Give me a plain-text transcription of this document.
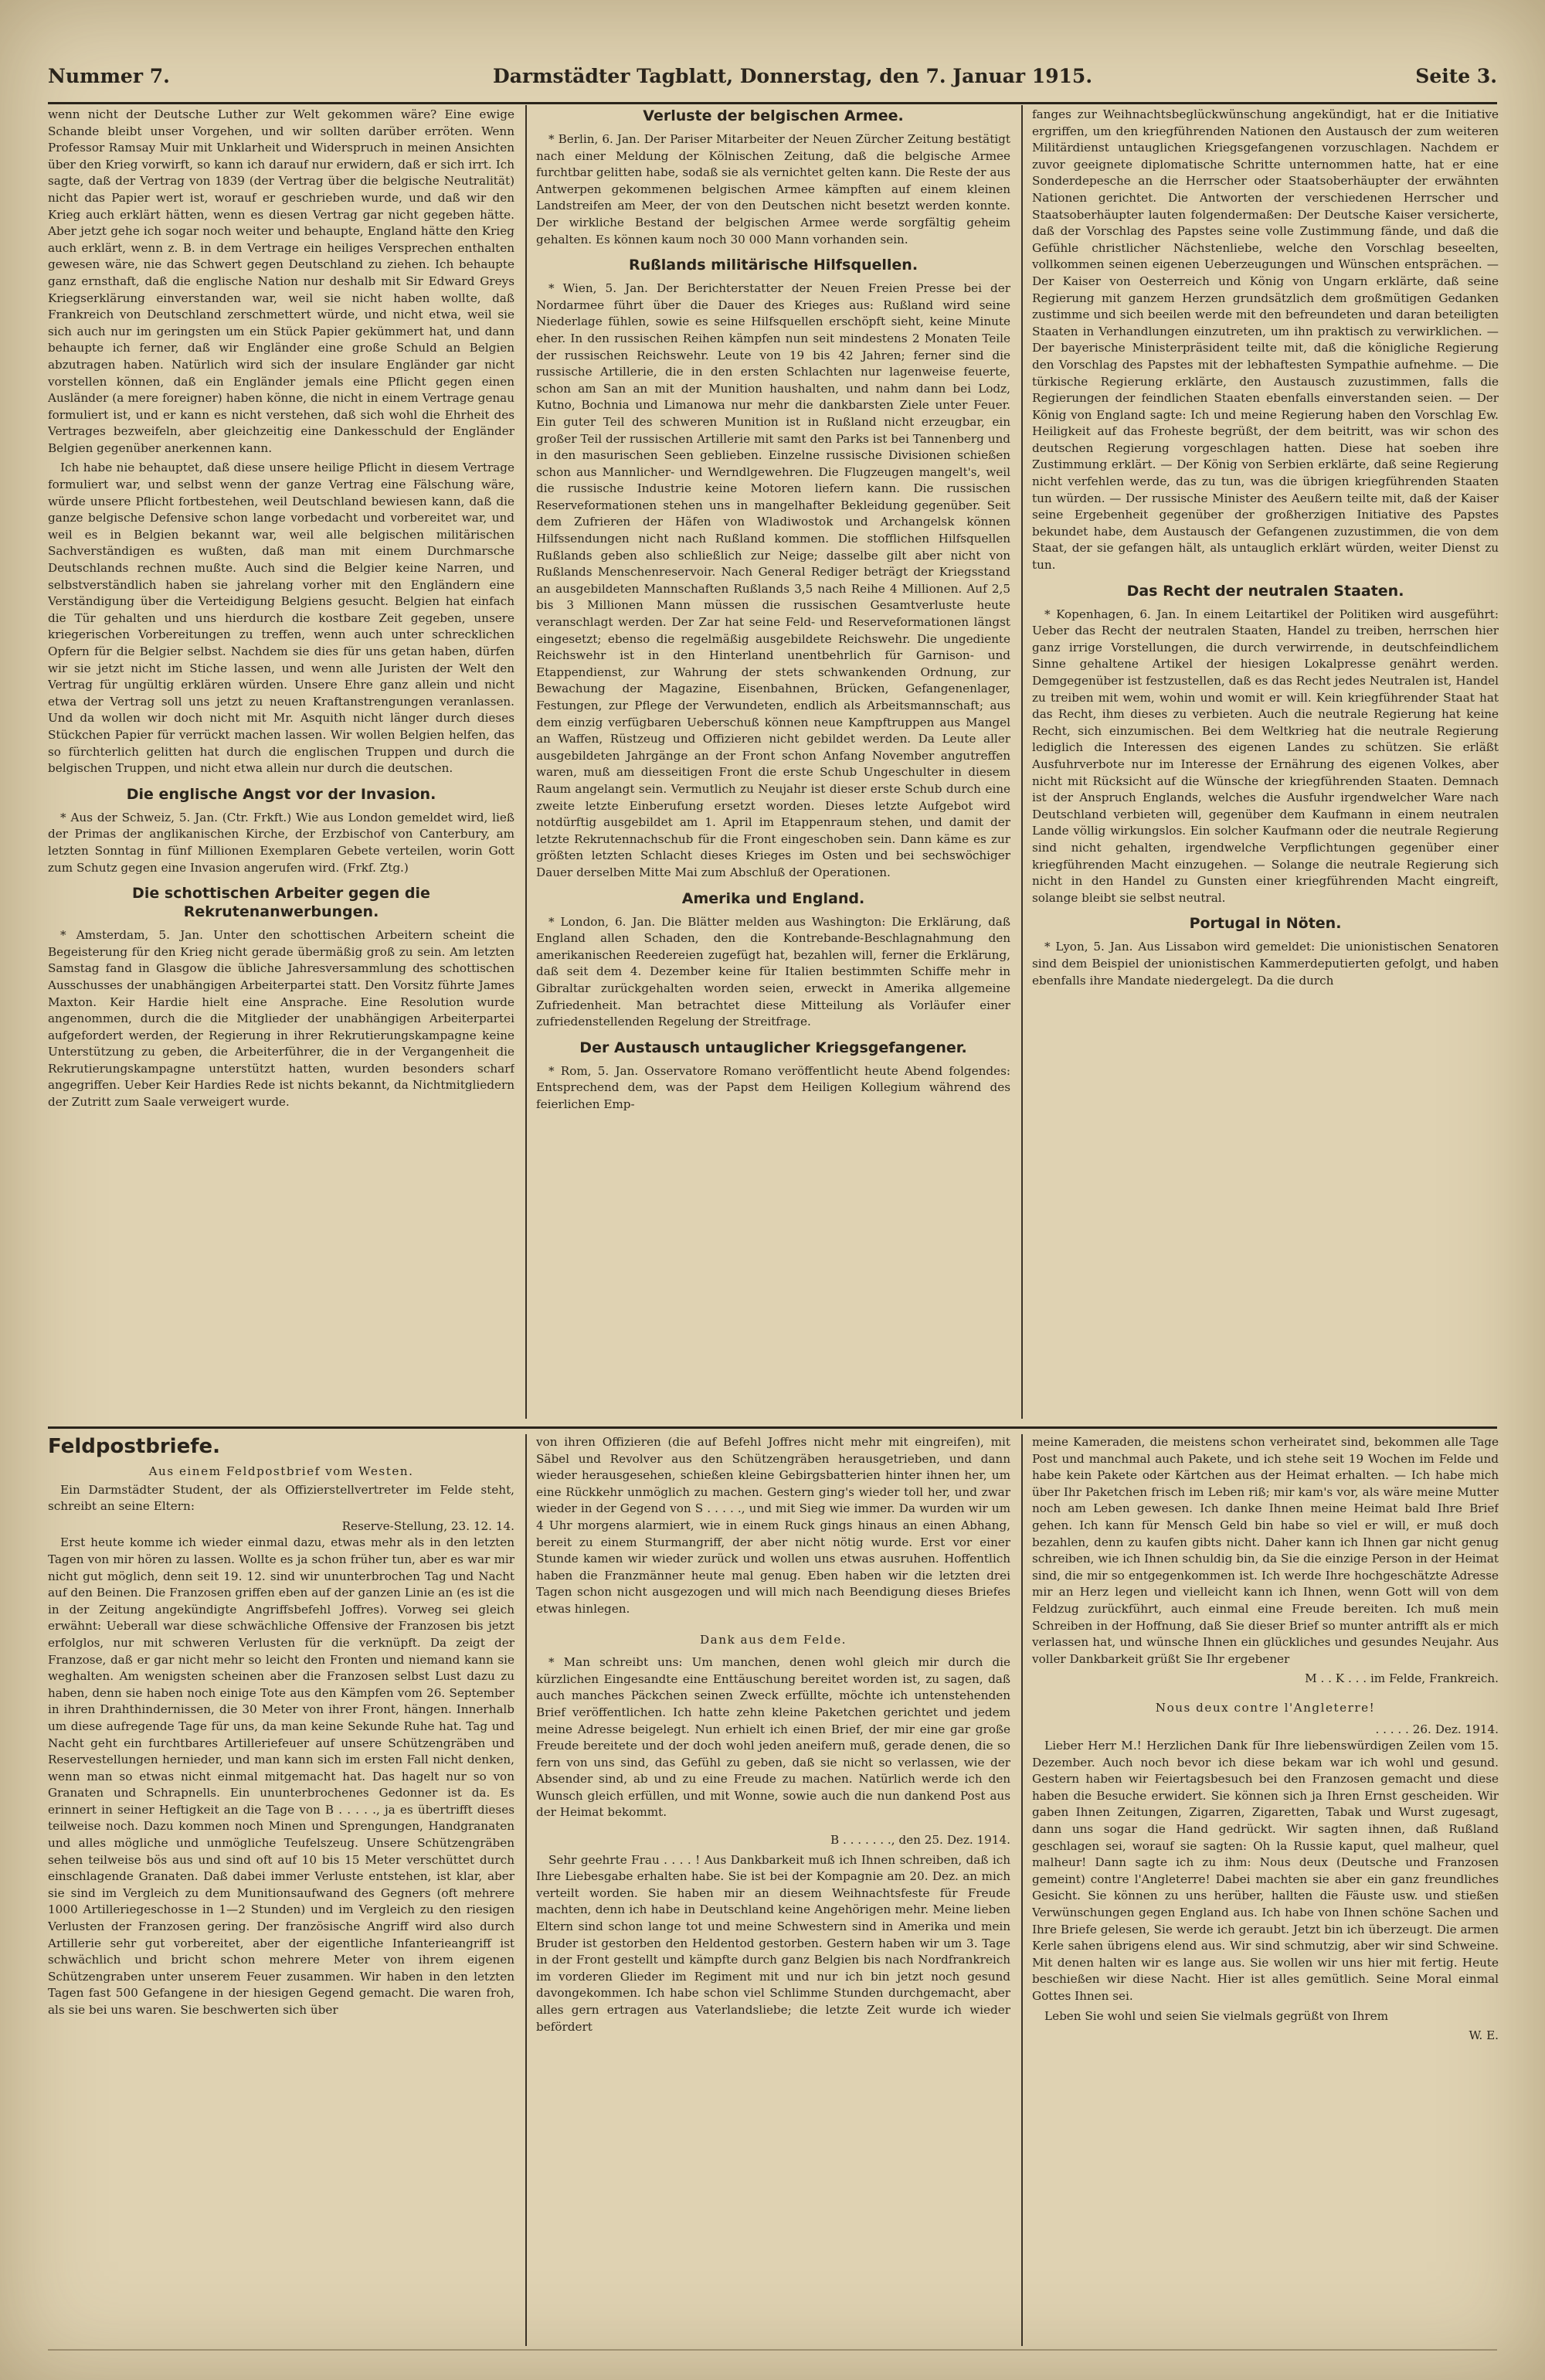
Nummer 7.	Darmstädter Tagblatt, Donnerstag, den 7. Januar 1915.	Seite 3.

wenn nicht der Deutsche Luther zur Welt gekommen wäre? Eine ewige Schande bleibt unser Vorgehen, und wir sollten darüber erröten. Wenn Professor Ramsay Muir mit Unklarheit und Widerspruch in meinen Ansichten über den Krieg vorwirft, so kann ich darauf nur erwidern, daß er sich irrt. Ich sagte, daß der Vertrag von 1839 (der Vertrag über die belgische Neutralität) nicht das Papier wert ist, worauf er geschrieben wurde, und daß wir den Krieg auch erklärt hätten, wenn es diesen Vertrag gar nicht gegeben hätte. Aber jetzt gehe ich sogar noch weiter und behaupte, England hätte den Krieg auch erklärt, wenn z. B. in dem Vertrage ein heiliges Versprechen enthalten gewesen wäre, nie das Schwert gegen Deutschland zu ziehen. Ich behaupte ganz ernsthaft, daß die englische Nation nur deshalb mit Sir Edward Greys Kriegserklärung einverstanden war, weil sie nicht haben wollte, daß Frankreich von Deutschland zerschmettert würde, und nicht etwa, weil sie sich auch nur im geringsten um ein Stück Papier gekümmert hat, und dann behaupte ich ferner, daß wir Engländer eine große Schuld an Belgien abzutragen haben. Natürlich wird sich der insulare Engländer gar nicht vorstellen können, daß ein Engländer jemals eine Pflicht gegen einen Ausländer (a mere foreigner) haben könne, die nicht in einem Vertrage genau formuliert ist, und er kann es nicht verstehen, daß sich wohl die Ehrheit des Vertrages bezweifeln, aber gleichzeitig eine Dankesschuld der Engländer Belgien gegenüber anerkennen kann.

Ich habe nie behauptet, daß diese unsere heilige Pflicht in diesem Vertrage formuliert war, und selbst wenn der ganze Vertrag eine Fälschung wäre, würde unsere Pflicht fortbestehen, weil Deutschland bewiesen kann, daß die ganze belgische Defensive schon lange vorbedacht und vorbereitet war, und weil es in Belgien bekannt war, weil alle belgischen militärischen Sachverständigen es wußten, daß man mit einem Durchmarsche Deutschlands rechnen mußte. Auch sind die Belgier keine Narren, und selbstverständlich haben sie jahrelang vorher mit den Engländern eine Verständigung über die Verteidigung Belgiens gesucht. Belgien hat einfach die Tür gehalten und uns hierdurch die kostbare Zeit gegeben, unsere kriegerischen Vorbereitungen zu treffen, wenn auch unter schrecklichen Opfern für die Belgier selbst. Nachdem sie dies für uns getan haben, dürfen wir sie jetzt nicht im Stiche lassen, und wenn alle Juristen der Welt den Vertrag für ungültig erklären würden. Unsere Ehre ganz allein und nicht etwa der Vertrag soll uns jetzt zu neuen Kraftanstrengungen veranlassen. Und da wollen wir doch nicht mit Mr. Asquith nicht länger durch dieses Stückchen Papier für verrückt machen lassen. Wir wollen Belgien helfen, das so fürchterlich gelitten hat durch die englischen Truppen und durch die belgischen Truppen, und nicht etwa allein nur durch die deutschen.

Die englische Angst vor der Invasion.

* Aus der Schweiz, 5. Jan. (Ctr. Frkft.) Wie aus London gemeldet wird, ließ der Primas der anglikanischen Kirche, der Erzbischof von Canterbury, am letzten Sonntag in fünf Millionen Exemplaren Gebete verteilen, worin Gott zum Schutz gegen eine Invasion angerufen wird. (Frkf. Ztg.)

Die schottischen Arbeiter gegen die Rekrutenanwerbungen.

* Amsterdam, 5. Jan. Unter den schottischen Arbeitern scheint die Begeisterung für den Krieg nicht gerade übermäßig groß zu sein. Am letzten Samstag fand in Glasgow die übliche Jahresversammlung des schottischen Ausschusses der unabhängigen Arbeiterpartei statt. Den Vorsitz führte James Maxton. Keir Hardie hielt eine Ansprache. Eine Resolution wurde angenommen, durch die die Mitglieder der unabhängigen Arbeiterpartei aufgefordert werden, der Regierung in ihrer Rekrutierungskampagne keine Unterstützung zu geben, die Arbeiterführer, die in der Vergangenheit die Rekrutierungskampagne unterstützt hatten, wurden besonders scharf angegriffen. Ueber Keir Hardies Rede ist nichts bekannt, da Nichtmitgliedern der Zutritt zum Saale verweigert wurde.

Verluste der belgischen Armee.

* Berlin, 6. Jan. Der Pariser Mitarbeiter der Neuen Zürcher Zeitung bestätigt nach einer Meldung der Kölnischen Zeitung, daß die belgische Armee furchtbar gelitten habe, sodaß sie als vernichtet gelten kann. Die Reste der aus Antwerpen gekommenen belgischen Armee kämpften auf einem kleinen Landstreifen am Meer, der von den Deutschen nicht besetzt werden konnte. Der wirkliche Bestand der belgischen Armee werde sorgfältig geheim gehalten. Es können kaum noch 30 000 Mann vorhanden sein.

Rußlands militärische Hilfsquellen.

* Wien, 5. Jan. Der Berichterstatter der Neuen Freien Presse bei der Nordarmee führt über die Dauer des Krieges aus: Rußland wird seine Niederlage fühlen, sowie es seine Hilfsquellen erschöpft sieht, keine Minute eher. In den russischen Reihen kämpfen nun seit mindestens 2 Monaten Teile der russischen Reichswehr. Leute von 19 bis 42 Jahren; ferner sind die russische Artillerie, die in den ersten Schlachten nur lagenweise feuerte, schon am San an mit der Munition haushalten, und nahm dann bei Lodz, Kutno, Bochnia und Limanowa nur mehr die dankbarsten Ziele unter Feuer. Ein guter Teil des schweren Munition ist in Rußland nicht erzeugbar, ein großer Teil der russischen Artillerie mit samt den Parks ist bei Tannenberg und in den masurischen Seen geblieben. Einzelne russische Divisionen schießen schon aus Mannlicher- und Werndlgewehren. Die Flugzeugen mangelt's, weil die russische Industrie keine Motoren liefern kann. Die russischen Reserveformationen stehen uns in mangelhafter Bekleidung gegenüber. Seit dem Zufrieren der Häfen von Wladiwostok und Archangelsk können Hilfssendungen nicht nach Rußland kommen. Die stofflichen Hilfsquellen Rußlands geben also schließlich zur Neige; dasselbe gilt aber nicht von Rußlands Menschenreservoir. Nach General Rediger beträgt der Kriegsstand an ausgebildeten Mannschaften Rußlands 3,5 nach Reihe 4 Millionen. Auf 2,5 bis 3 Millionen Mann müssen die russischen Gesamtverluste heute veranschlagt werden. Der Zar hat seine Feld- und Reserveformationen längst eingesetzt; ebenso die regelmäßig ausgebildete Reichswehr. Die ungediente Reichswehr ist in den Hinterland unentbehrlich für Garnison- und Etappendienst, zur Wahrung der stets schwankenden Ordnung, zur Bewachung der Magazine, Eisenbahnen, Brücken, Gefangenenlager, Festungen, zur Pflege der Verwundeten, endlich als Arbeitsmannschaft; aus dem einzig verfügbaren Ueberschuß können neue Kampftruppen aus Mangel an Waffen, Rüstzeug und Offizieren nicht gebildet werden. Da Leute aller ausgebildeten Jahrgänge an der Front schon Anfang November angutreffen waren, muß am diesseitigen Front die erste Schub Ungeschulter in diesem Raum angelangt sein. Vermutlich zu Neujahr ist dieser erste Schub durch eine zweite letzte Einberufung ersetzt worden. Dieses letzte Aufgebot wird notdürftig ausgebildet am 1. April im Etappenraum stehen, und damit der letzte Rekrutennachschub für die Front eingeschoben sein. Dann käme es zur größten letzten Schlacht dieses Krieges im Osten und bei sechswöchiger Dauer derselben Mitte Mai zum Abschluß der Operationen.

Amerika und England.

* London, 6. Jan. Die Blätter melden aus Washington: Die Erklärung, daß England allen Schaden, den die Kontrebande-Beschlagnahmung den amerikanischen Reedereien zugefügt hat, bezahlen will, ferner die Erklärung, daß seit dem 4. Dezember keine für Italien bestimmten Schiffe mehr in Gibraltar zurückgehalten worden seien, erweckt in Amerika allgemeine Zufriedenheit. Man betrachtet diese Mitteilung als Vorläufer einer zufriedenstellenden Regelung der Streitfrage.

Der Austausch untauglicher Kriegsgefangener.

* Rom, 5. Jan. Osservatore Romano veröffentlicht heute Abend folgendes: Entsprechend dem, was der Papst dem Heiligen Kollegium während des feierlichen Emp-

fanges zur Weihnachtsbeglückwünschung angekündigt, hat er die Initiative ergriffen, um den kriegführenden Nationen den Austausch der zum weiteren Militärdienst untauglichen Kriegsgefangenen vorzuschlagen. Nachdem er zuvor geeignete diplomatische Schritte unternommen hatte, hat er eine Sonderdepesche an die Herrscher oder Staatsoberhäupter der erwähnten Nationen gerichtet. Die Antworten der verschiedenen Herrscher und Staatsoberhäupter lauten folgendermaßen: Der Deutsche Kaiser versicherte, daß der Vorschlag des Papstes seine volle Zustimmung fände, und daß die Gefühle christlicher Nächstenliebe, welche den Vorschlag beseelten, vollkommen seinen eigenen Ueberzeugungen und Wünschen entsprächen. — Der Kaiser von Oesterreich und König von Ungarn erklärte, daß seine Regierung mit ganzem Herzen grundsätzlich dem großmütigen Gedanken zustimme und sich beeilen werde mit den befreundeten und daran beteiligten Staaten in Verhandlungen einzutreten, um ihn praktisch zu verwirklichen. — Der bayerische Ministerpräsident teilte mit, daß die königliche Regierung den Vorschlag des Papstes mit der lebhaftesten Sympathie aufnehme. — Die türkische Regierung erklärte, den Austausch zuzustimmen, falls die Regierungen der feindlichen Staaten ebenfalls einverstanden seien. — Der König von England sagte: Ich und meine Regierung haben den Vorschlag Ew. Heiligkeit auf das Froheste begrüßt, der dem beitritt, was wir schon des deutschen Regierung vorgeschlagen hatten. Diese hat soeben ihre Zustimmung erklärt. — Der König von Serbien erklärte, daß seine Regierung nicht verfehlen werde, das zu tun, was die übrigen kriegführenden Staaten tun würden. — Der russische Minister des Aeußern teilte mit, daß der Kaiser seine Ergebenheit gegenüber der großherzigen Initiative des Papstes bekundet habe, dem Austausch der Gefangenen zuzustimmen, die von dem Staat, der sie gefangen hält, als untauglich erklärt würden, weiter Dienst zu tun.

Das Recht der neutralen Staaten.

* Kopenhagen, 6. Jan. In einem Leitartikel der Politiken wird ausgeführt: Ueber das Recht der neutralen Staaten, Handel zu treiben, herrschen hier ganz irrige Vorstellungen, die durch verwirrende, in deutschfeindlichem Sinne gehaltene Artikel der hiesigen Lokalpresse genährt werden. Demgegenüber ist festzustellen, daß es das Recht jedes Neutralen ist, Handel zu treiben mit wem, wohin und womit er will. Kein kriegführender Staat hat das Recht, ihm dieses zu verbieten. Auch die neutrale Regierung hat keine Recht, sich einzumischen. Bei dem Weltkrieg hat die neutrale Regierung lediglich die Interessen des eigenen Landes zu schützen. Sie erläßt Ausfuhrverbote nur im Interesse der Ernährung des eigenen Volkes, aber nicht mit Rücksicht auf die Wünsche der kriegführenden Staaten. Demnach ist der Anspruch Englands, welches die Ausfuhr irgendwelcher Ware nach Deutschland verbieten will, gegenüber dem Kaufmann in einem neutralen Lande völlig wirkungslos. Ein solcher Kaufmann oder die neutrale Regierung sind nicht gehalten, irgendwelche Verpflichtungen gegenüber einer kriegführenden Macht einzugehen. — Solange die neutrale Regierung sich nicht in den Handel zu Gunsten einer kriegführenden Macht eingreift, solange bleibt sie selbst neutral.

Portugal in Nöten.

* Lyon, 5. Jan. Aus Lissabon wird gemeldet: Die unionistischen Senatoren sind dem Beispiel der unionistischen Kammerdeputierten gefolgt, und haben ebenfalls ihre Mandate niedergelegt. Da die durch

Feldpostbriefe.
Aus einem Feldpostbrief vom Westen.

Ein Darmstädter Student, der als Offizierstellvertreter im Felde steht, schreibt an seine Eltern:

Reserve-Stellung, 23. 12. 14.

Erst heute komme ich wieder einmal dazu, etwas mehr als in den letzten Tagen von mir hören zu lassen. Wollte es ja schon früher tun, aber es war mir nicht gut möglich, denn seit 19. 12. sind wir ununterbrochen Tag und Nacht auf den Beinen. Die Franzosen griffen eben auf der ganzen Linie an (es ist die in der Zeitung angekündigte Angriffsbefehl Joffres). Vorweg sei gleich erwähnt: Ueberall war diese schwächliche Offensive der Franzosen bis jetzt erfolglos, nur mit schweren Verlusten für die verknüpft. Da zeigt der Franzose, daß er gar nicht mehr so leicht den Fronten und niemand kann sie weghalten. Am wenigsten scheinen aber die Franzosen selbst Lust dazu zu haben, denn sie haben noch einige Tote aus den Kämpfen vom 26. September in ihren Drahthindernissen, die 30 Meter von ihrer Front, hängen. Innerhalb um diese aufregende Tage für uns, da man keine Sekunde Ruhe hat. Tag und Nacht geht ein furchtbares Artilleriefeuer auf unsere Schützengräben und Reservestellungen hernieder, und man kann sich im ersten Fall nicht denken, wenn man so etwas nicht einmal mitgemacht hat. Das hagelt nur so von Granaten und Schrapnells. Ein ununterbrochenes Gedonner ist da. Es erinnert in seiner Heftigkeit an die Tage von B . . . . ., ja es übertrifft dieses teilweise noch. Dazu kommen noch Minen und Sprengungen, Handgranaten und alles mögliche und unmögliche Teufelszeug. Unsere Schützengräben sehen teilweise bös aus und sind oft auf 10 bis 15 Meter verschüttet durch einschlagende Granaten. Daß dabei immer Verluste entstehen, ist klar, aber sie sind im Vergleich zu dem Munitionsaufwand des Gegners (oft mehrere 1000 Artilleriegeschosse in 1—2 Stunden) und im Vergleich zu den riesigen Verlusten der Franzosen gering. Der französische Angriff wird also durch Artillerie sehr gut vorbereitet, aber der eigentliche Infanterieangriff ist schwächlich und bricht schon mehrere Meter von ihrem eigenen Schützengraben unter unserem Feuer zusammen. Wir haben in den letzten Tagen fast 500 Gefangene in der hiesigen Gegend gemacht. Die waren froh, als sie bei uns waren. Sie beschwerten sich über

von ihren Offizieren (die auf Befehl Joffres nicht mehr mit eingreifen), mit Säbel und Revolver aus den Schützengräben herausgetrieben, und dann wieder herausgesehen, schießen kleine Gebirgsbatterien hinter ihnen her, um eine Rückkehr unmöglich zu machen. Gestern ging's wieder toll her, und zwar wieder in der Gegend von S . . . . ., und mit Sieg wie immer. Da wurden wir um 4 Uhr morgens alarmiert, wie in einem Ruck gings hinaus an einen Abhang, bereit zu einem Sturmangriff, der aber nicht nötig wurde. Erst vor einer Stunde kamen wir wieder zurück und wollen uns etwas ausruhen. Hoffentlich haben die Franzmänner heute mal genug. Eben haben wir die letzten drei Tagen schon nicht ausgezogen und will mich nach Beendigung dieses Briefes etwas hinlegen.

Dank aus dem Felde.

* Man schreibt uns: Um manchen, denen wohl gleich mir durch die kürzlichen Eingesandte eine Enttäuschung bereitet worden ist, zu sagen, daß auch manches Päckchen seinen Zweck erfüllte, möchte ich untenstehenden Brief veröffentlichen. Ich hatte zehn kleine Paketchen gerichtet und jedem meine Adresse beigelegt. Nun erhielt ich einen Brief, der mir eine gar große Freude bereitete und der doch wohl jeden aneifern muß, gerade denen, die so fern von uns sind, das Gefühl zu geben, daß sie nicht so verlassen, wie der Absender sind, ab und zu eine Freude zu machen. Natürlich werde ich den Wunsch gleich erfüllen, und mit Wonne, sowie auch die nun dankend Post aus der Heimat bekommt.

B . . . . . . ., den 25. Dez. 1914.

Sehr geehrte Frau . . . . ! Aus Dankbarkeit muß ich Ihnen schreiben, daß ich Ihre Liebesgabe erhalten habe. Sie ist bei der Kompagnie am 20. Dez. an mich verteilt worden. Sie haben mir an diesem Weihnachtsfeste für Freude machten, denn ich habe in Deutschland keine Angehörigen mehr. Meine lieben Eltern sind schon lange tot und meine Schwestern sind in Amerika und mein Bruder ist gestorben den Heldentod gestorben. Gestern haben wir um 3. Tage in der Front gestellt und kämpfte durch ganz Belgien bis nach Nordfrankreich im vorderen Glieder im Regiment mit und nur ich bin jetzt noch gesund davongekommen. Ich habe schon viel Schlimme Stunden durchgemacht, aber alles gern ertragen aus Vaterlandsliebe; die letzte Zeit wurde ich wieder befördert

meine Kameraden, die meistens schon verheiratet sind, bekommen alle Tage Post und manchmal auch Pakete, und ich stehe seit 19 Wochen im Felde und habe kein Pakete oder Kärtchen aus der Heimat erhalten. — Ich habe mich über Ihr Paketchen frisch im Leben riß; mir kam's vor, als wäre meine Mutter noch am Leben gewesen. Ich danke Ihnen meine Heimat bald Ihre Brief gehen. Ich kann für Mensch Geld bin habe so viel er will, er muß doch bezahlen, denn zu kaufen gibts nicht. Daher kann ich Ihnen gar nicht genug schreiben, wie ich Ihnen schuldig bin, da Sie die einzige Person in der Heimat sind, die mir so entgegenkommen ist. Ich werde Ihre hochgeschätzte Adresse mir an Herz legen und vielleicht kann ich Ihnen, wenn Gott will von dem Feldzug zurückführt, auch einmal eine Freude bereiten. Ich muß mein Schreiben in der Hoffnung, daß Sie dieser Brief so munter antrifft als er mich verlassen hat, und wünsche Ihnen ein glückliches und gesundes Neujahr. Aus voller Dankbarkeit grüßt Sie Ihr ergebener

M . . K . . . im Felde, Frankreich.
Nous deux contre l'Angleterre!
. . . . . 26. Dez. 1914.

Lieber Herr M.! Herzlichen Dank für Ihre liebenswürdigen Zeilen vom 15. Dezember. Auch noch bevor ich diese bekam war ich wohl und gesund. Gestern haben wir Feiertagsbesuch bei den Franzosen gemacht und diese haben die Besuche erwidert. Sie können sich ja Ihren Ernst gescheiden. Wir gaben Ihnen Zeitungen, Zigarren, Zigaretten, Tabak und Wurst zugesagt, dann uns sogar die Hand gedrückt. Wir sagten ihnen, daß Rußland geschlagen sei, worauf sie sagten: Oh la Russie kaput, quel malheur, quel malheur! Dann sagte ich zu ihm: Nous deux (Deutsche und Franzosen gemeint) contre l'Angleterre! Dabei machten sie aber ein ganz freundliches Gesicht. Sie können zu uns herüber, hallten die Fäuste usw. und stießen Verwünschungen gegen England aus. Ich habe von Ihnen schöne Sachen und Ihre Briefe gelesen, Sie werde ich geraubt. Jetzt bin ich überzeugt. Die armen Kerle sahen übrigens elend aus. Wir sind schmutzig, aber wir sind Schweine. Mit denen halten wir es lange aus. Sie wollen wir uns hier mit fertig. Heute beschießen wir diese Nacht. Hier ist alles gemütlich. Seine Moral einmal Gottes Ihnen sei.

Leben Sie wohl und seien Sie vielmals gegrüßt von Ihrem

W. E.
